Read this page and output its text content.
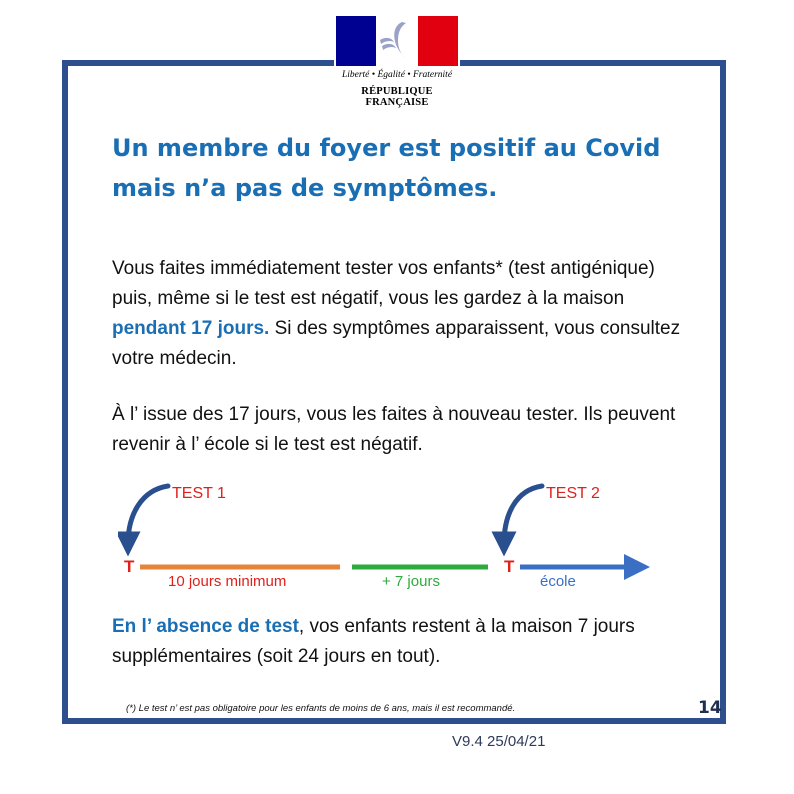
Liberté • Égalité • Fraternité
RÉPUBLIQUE FRANÇAISE
Un membre du foyer est positif au Covid mais n’a pas de symptômes.

Vous faites immédiatement tester vos enfants* (test antigénique) puis, même si le test est négatif, vous les gardez à la maison pendant 17 jours. Si des symptômes apparaissent, vous consultez votre médecin.

À l’ issue des 17 jours, vous les faites à nouveau tester. Ils peuvent revenir à l’ école si le test est négatif.

TEST 1	TEST 2
T	T
10 jours minimum	+ 7 jours	école

En l’ absence de test, vos enfants restent à la maison 7 jours supplémentaires (soit 24 jours en tout).

(*) Le test n’ est pas obligatoire pour les enfants de moins de 6 ans, mais il est recommandé.	14
V9.4 25/04/21
